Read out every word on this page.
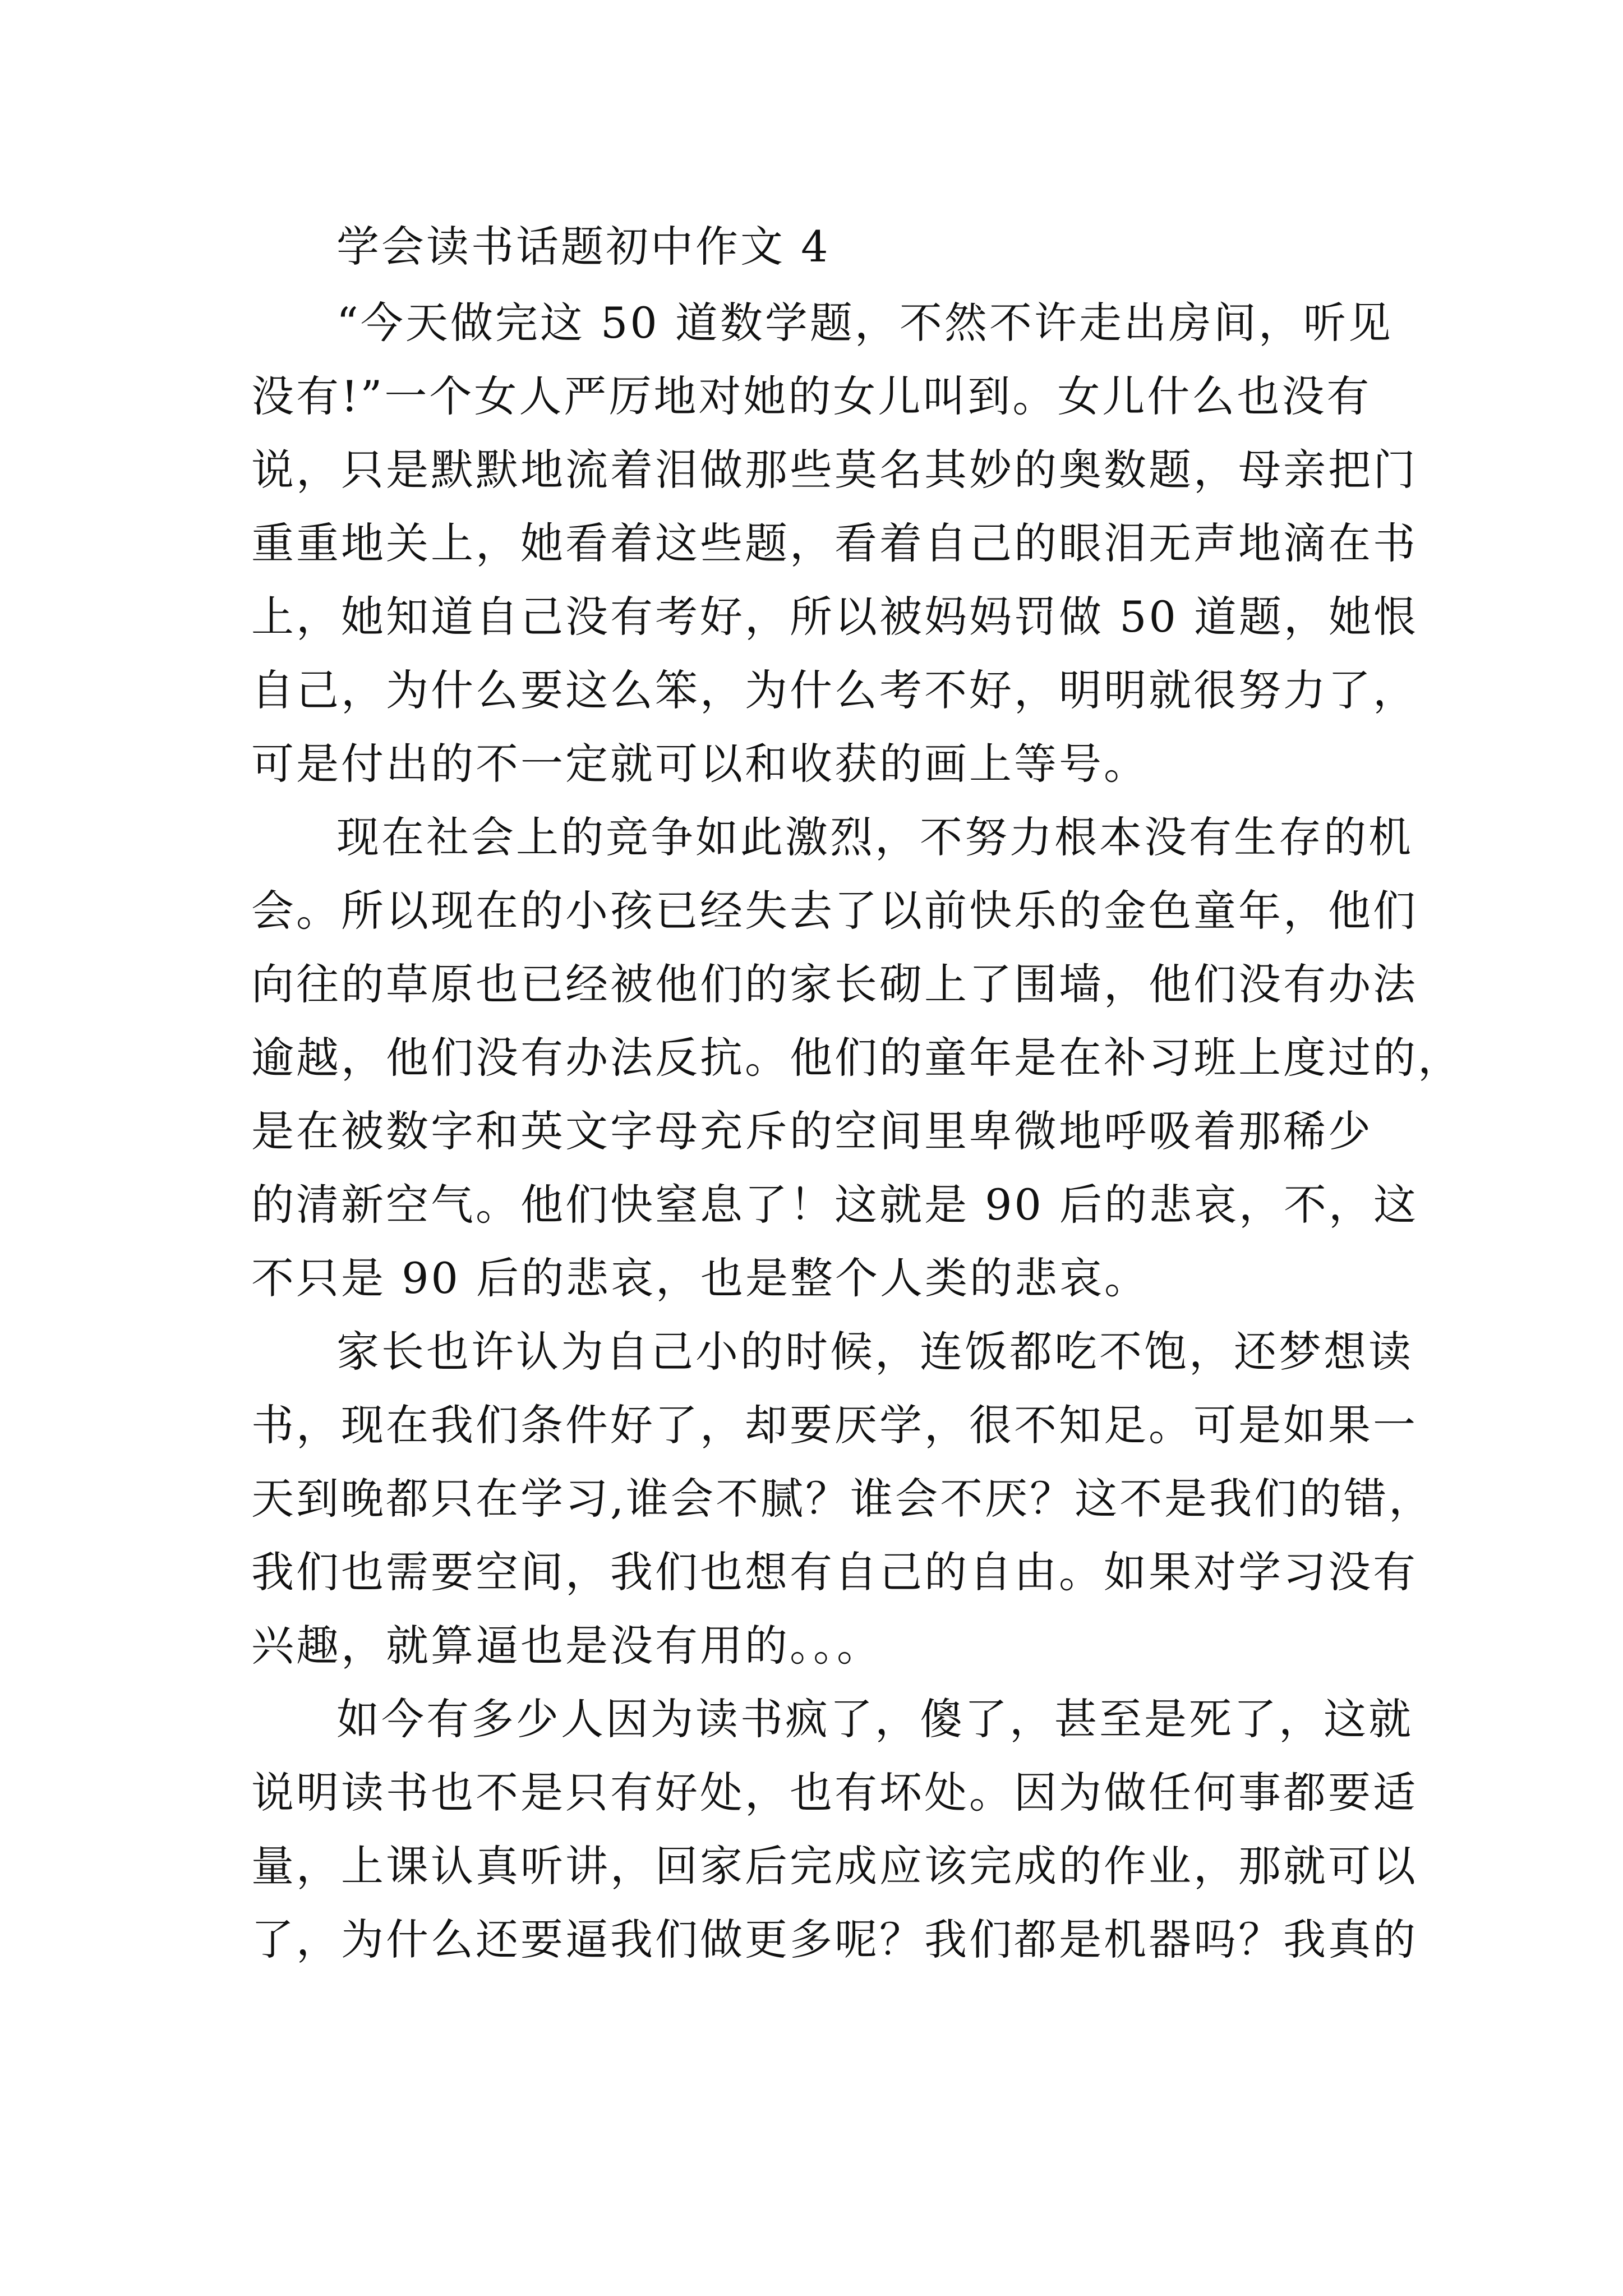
学会读书话题初中作文 4
“今天做完这 50 道数学题，不然不许走出房间，听见
没有!”一个女人严厉地对她的女儿叫到。女儿什么也没有
说，只是默默地流着泪做那些莫名其妙的奥数题，母亲把门
重重地关上，她看着这些题，看着自己的眼泪无声地滴在书
上，她知道自己没有考好，所以被妈妈罚做 50 道题，她恨
自己，为什么要这么笨，为什么考不好，明明就很努力了，
可是付出的不一定就可以和收获的画上等号。
现在社会上的竞争如此激烈，不努力根本没有生存的机
会。所以现在的小孩已经失去了以前快乐的金色童年，他们
向往的草原也已经被他们的家长砌上了围墙，他们没有办法
逾越，他们没有办法反抗。他们的童年是在补习班上度过的，
是在被数字和英文字母充斥的空间里卑微地呼吸着那稀少
的清新空气。他们快窒息了！这就是 90 后的悲哀，不，这
不只是 90 后的悲哀，也是整个人类的悲哀。
家长也许认为自己小的时候，连饭都吃不饱，还梦想读
书，现在我们条件好了，却要厌学，很不知足。可是如果一
天到晚都只在学习,谁会不腻？谁会不厌？这不是我们的错，
我们也需要空间，我们也想有自己的自由。如果对学习没有
兴趣，就算逼也是没有用的。。。
如今有多少人因为读书疯了，傻了，甚至是死了，这就
说明读书也不是只有好处，也有坏处。因为做任何事都要适
量，上课认真听讲，回家后完成应该完成的作业，那就可以
了，为什么还要逼我们做更多呢？我们都是机器吗？我真的
